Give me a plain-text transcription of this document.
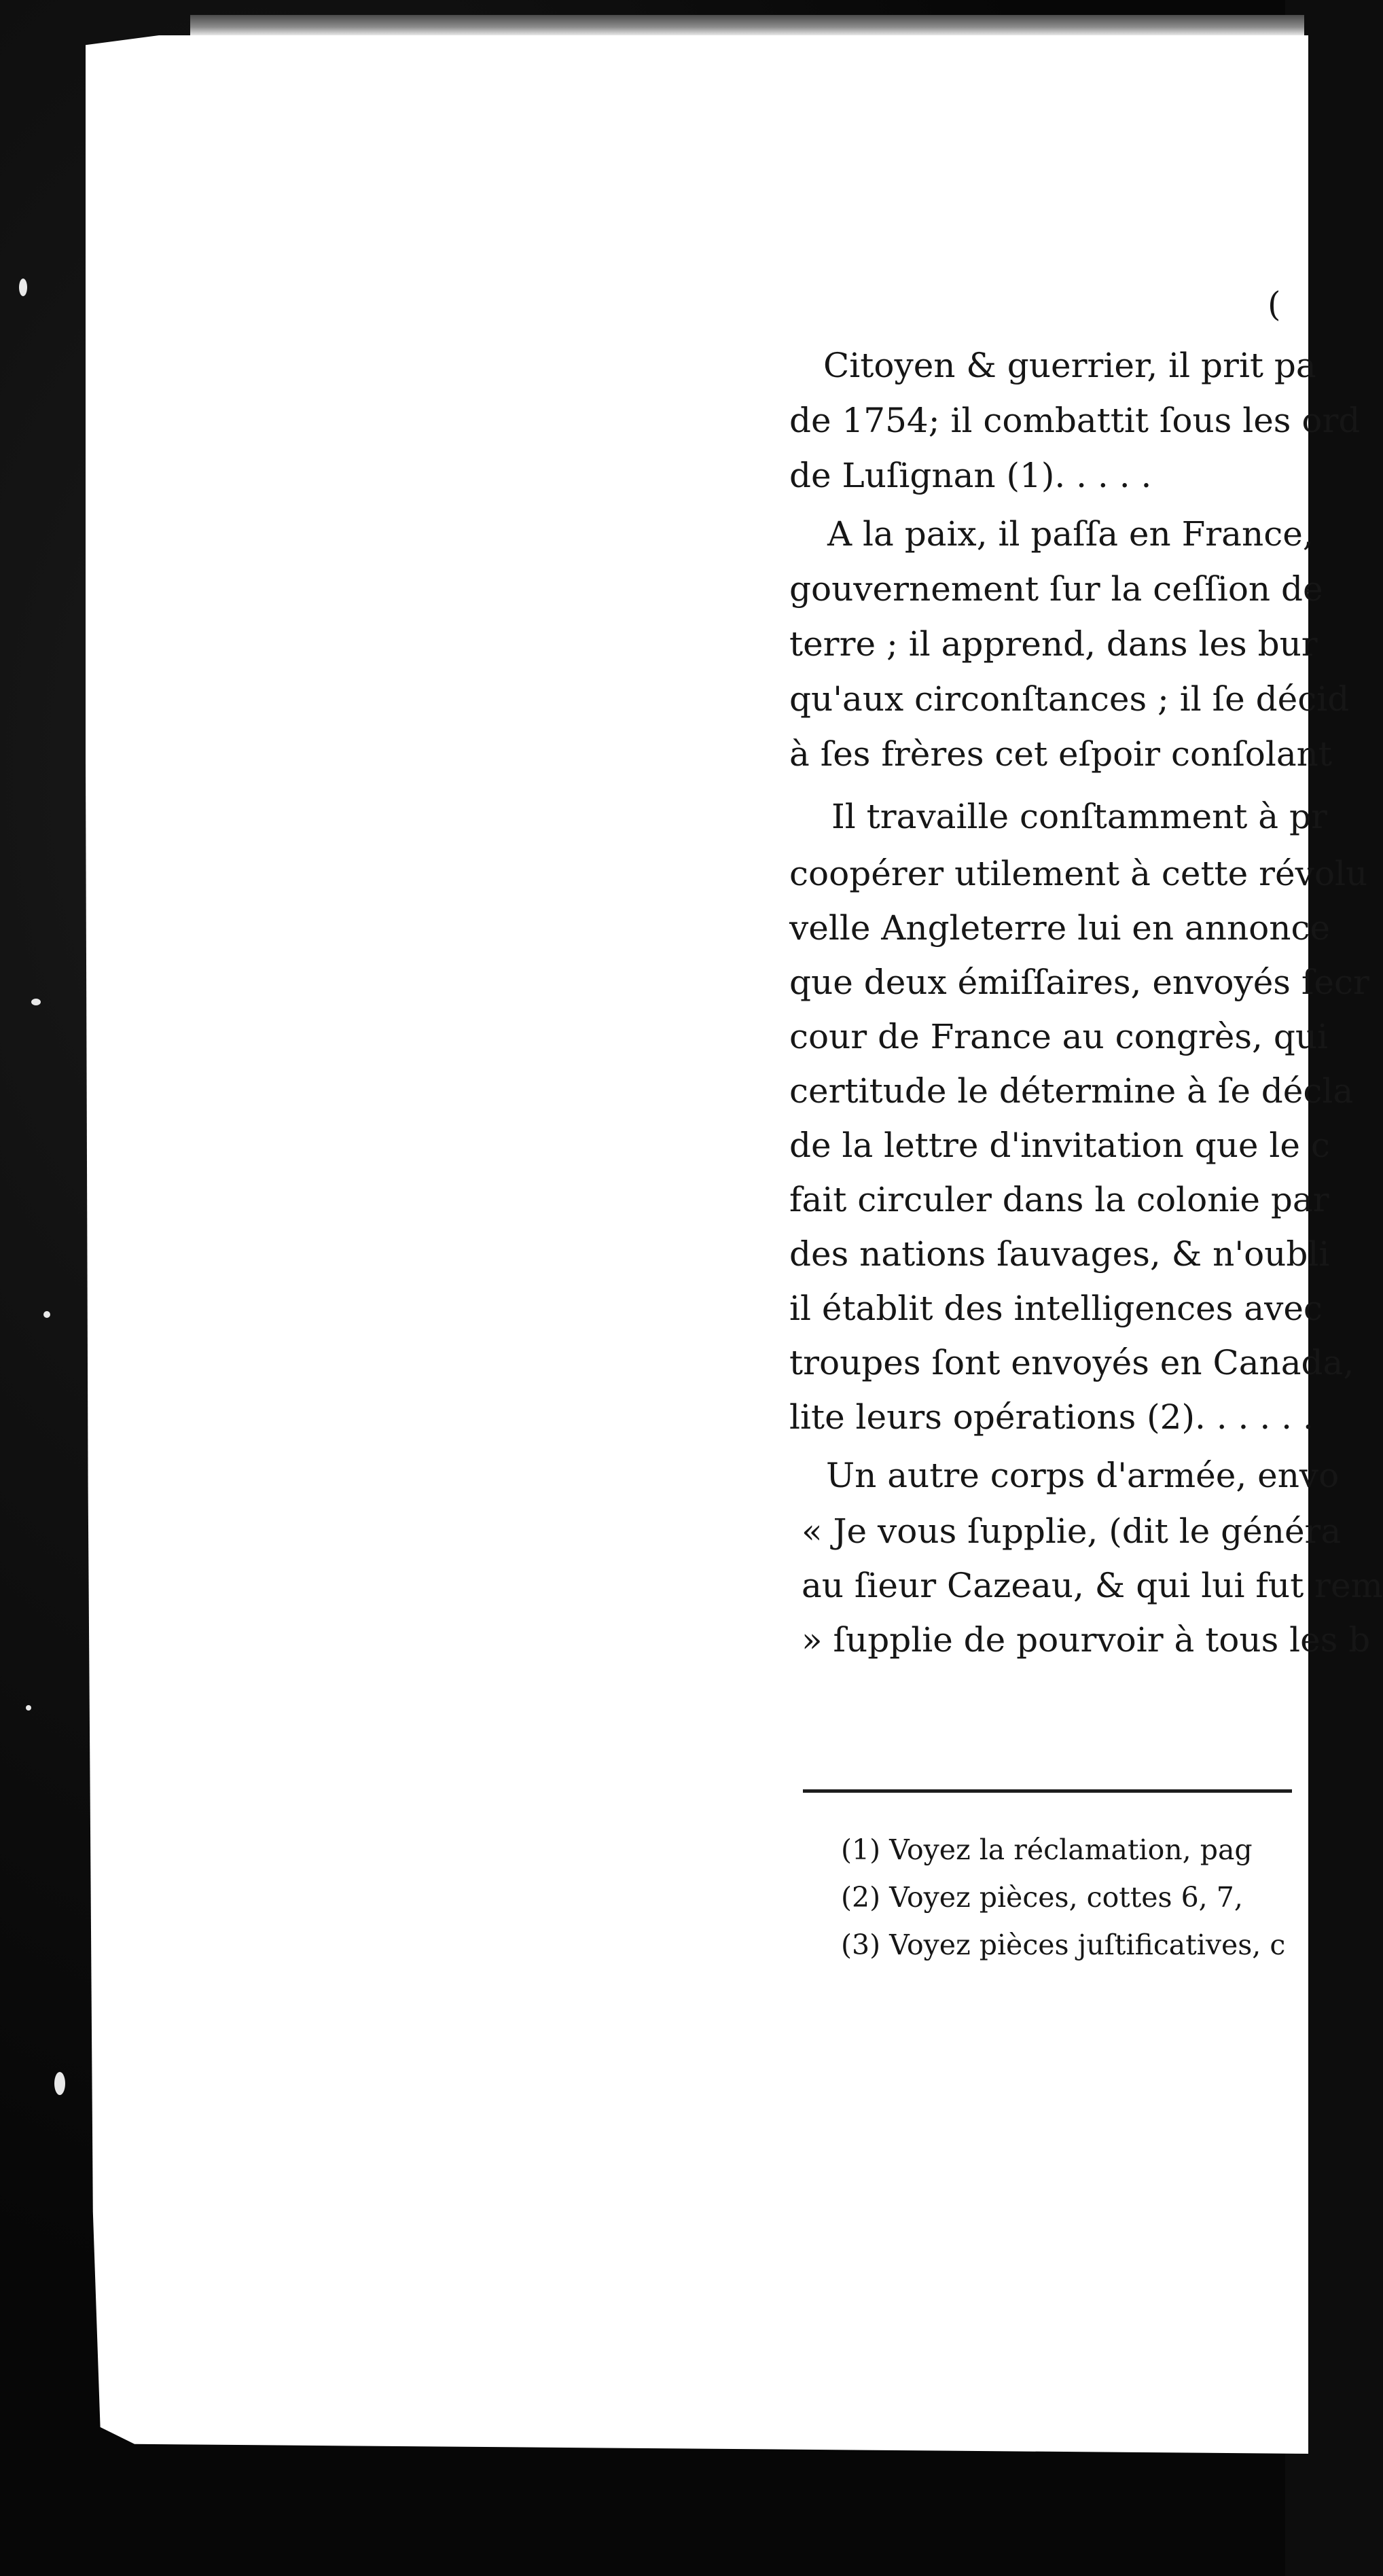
(
Citoyen & guerrier, il prit pa
de 1754; il combattit ſous les ord
de Luſignan (1). . . . .
A la paix, il paſſa en France,
gouvernement ſur la ceſſion de
terre ; il apprend, dans les bur
qu'aux circonſtances ; il ſe décid
à ſes frères cet eſpoir conſolant
Il travaille conſtamment à pr
coopérer utilement à cette révolu
velle Angleterre lui en annonce
que deux émiſſaires, envoyés ſecr
cour de France au congrès, qui
certitude le détermine à ſe décla
de la lettre d'invitation que le c
fait circuler dans la colonie par
des nations ſauvages, & n'oubli
il établit des intelligences avec
troupes ſont envoyés en Canada,
lite leurs opérations (2). . . . . .
Un autre corps d'armée, envo
« Je vous ſupplie, (dit le généra
au ſieur Cazeau, & qui lui fut rem
» ſupplie de pourvoir à tous les b
(1) Voyez la réclamation, pag
(2) Voyez pièces, cottes 6, 7,
(3) Voyez pièces juſtificatives, c
